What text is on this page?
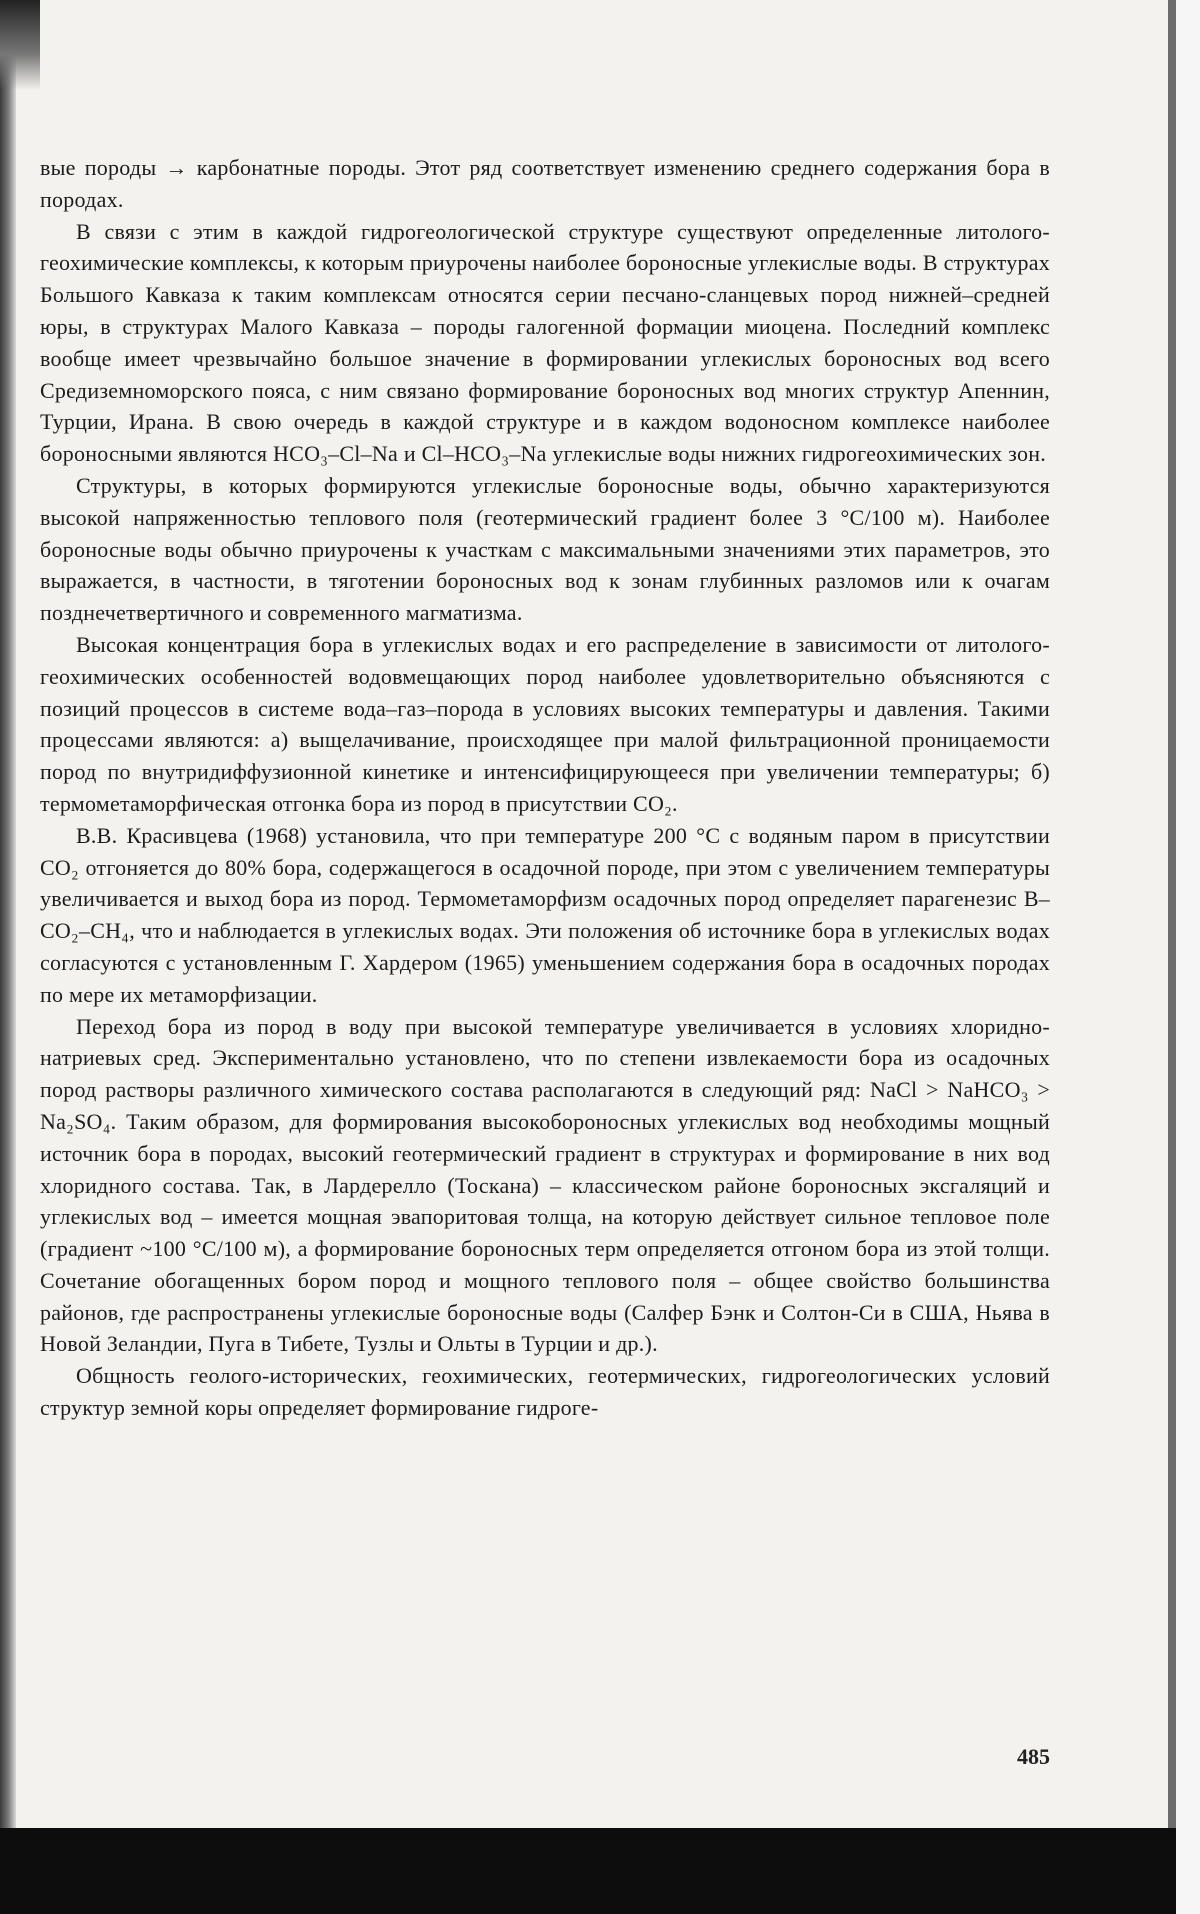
вые породы → карбонатные породы. Этот ряд соответствует изменению среднего содержания бора в породах.

В связи с этим в каждой гидрогеологической структуре существуют определенные литолого-геохимические комплексы, к которым приурочены наиболее бороносные углекислые воды. В структурах Большого Кавказа к таким комплексам относятся серии песчано-сланцевых пород нижней–средней юры, в структурах Малого Кавказа – породы галогенной формации миоцена. Последний комплекс вообще имеет чрезвычайно большое значение в формировании углекислых бороносных вод всего Средиземноморского пояса, с ним связано формирование бороносных вод многих структур Апеннин, Турции, Ирана. В свою очередь в каждой структуре и в каждом водоносном комплексе наиболее бороносными являются HCO₃–Cl–Na и Cl–HCO₃–Na углекислые воды нижних гидрогеохимических зон.

Структуры, в которых формируются углекислые бороносные воды, обычно характеризуются высокой напряженностью теплового поля (геотермический градиент более 3 °C/100 м). Наиболее бороносные воды обычно приурочены к участкам с максимальными значениями этих параметров, это выражается, в частности, в тяготении бороносных вод к зонам глубинных разломов или к очагам позднечетвертичного и современного магматизма.

Высокая концентрация бора в углекислых водах и его распределение в зависимости от литолого-геохимических особенностей водовмещающих пород наиболее удовлетворительно объясняются с позиций процессов в системе вода–газ–порода в условиях высоких температуры и давления. Такими процессами являются: а) выщелачивание, происходящее при малой фильтрационной проницаемости пород по внутридиффузионной кинетике и интенсифицирующееся при увеличении температуры; б) термометаморфическая отгонка бора из пород в присутствии CO₂.

В.В. Красивцева (1968) установила, что при температуре 200 °C с водяным паром в присутствии CO₂ отгоняется до 80% бора, содержащегося в осадочной породе, при этом с увеличением температуры увеличивается и выход бора из пород. Термометаморфизм осадочных пород определяет парагенезис B–CO₂–CH₄, что и наблюдается в углекислых водах. Эти положения об источнике бора в углекислых водах согласуются с установленным Г. Хардером (1965) уменьшением содержания бора в осадочных породах по мере их метаморфизации.

Переход бора из пород в воду при высокой температуре увеличивается в условиях хлоридно-натриевых сред. Экспериментально установлено, что по степени извлекаемости бора из осадочных пород растворы различного химического состава располагаются в следующий ряд: NaCl > NaHCO₃ > Na₂SO₄. Таким образом, для формирования высокобороносных углекислых вод необходимы мощный источник бора в породах, высокий геотермический градиент в структурах и формирование в них вод хлоридного состава. Так, в Лардерелло (Тоскана) – классическом районе бороносных эксгаляций и углекислых вод – имеется мощная эвапоритовая толща, на которую действует сильное тепловое поле (градиент ~100 °C/100 м), а формирование бороносных терм определяется отгоном бора из этой толщи. Сочетание обогащенных бором пород и мощного теплового поля – общее свойство большинства районов, где распространены углекислые бороносные воды (Салфер Бэнк и Солтон-Си в США, Ньява в Новой Зеландии, Пуга в Тибете, Тузлы и Ольты в Турции и др.).

Общность геолого-исторических, геохимических, геотермических, гидрогеологических условий структур земной коры определяет формирование гидроге-

485
